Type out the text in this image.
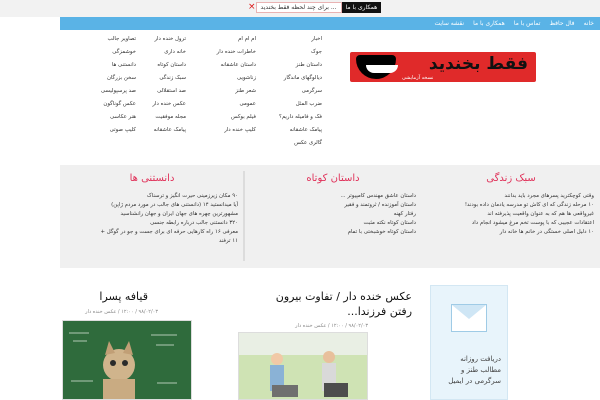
× برای چند لحظه فقط بخندید ...	همکاری با ما
خانه
فال حافظ
تماس با ما
همکاری با ما
نقشه سایت
فقط بخندید
نسخه آزمایشی
اخبار
جوک
داستان طنز
دیالوگهای ماندگار
سرگرمی
ضرب المثل
فک و فامیله داریم؟
پیامک عاشقانه
گالری عکس
ام ام ام
خاطرات خنده دار
داستان عاشقانه
زناشویی
شعر طنز
عمومی
فیلم بوکس
کلیپ خنده دار
ترول خنده دار
خانه داری
داستان کوتاه
سبک زندگی
صد استقلالی
عکس خنده دار
مجله موفقیت
پیامک عاشقانه
تصاویر جالب
خوشمزگی
دانستنی ها
سخن بزرگان
صد پرسپولیسی
عکس گوناگون
هنر عکاسی
کلیپ صوتی
سبک زندگی

وقتی کوچکترید پسرهای مجرد باید بدانند

۱۰ مرحله زندگی که ای کاش تو مدرسه یادمان داده بودند!

غیرواقعی ها هم که به عنوان واقعیت پذیرفته اند

اعتقادات عجیبی که با پوست تخم مرغ میشود انجام داد

۱۰ دلیل اصلی خستگی در خانم ها خانه دار

داستان کوتاه

داستان عاشق مهندس کامپیوتر ...

داستان آموزنده / ثروتمند و فقیر

رفتار کهنه

داستان کوتاه نکته مثبت

داستان کوتاه خوشبختی با تمام

دانستنی ها

۹۰ مکان زیرزمینی حیرت انگیز و ترسناک

آیا میدانستید ۱۴ (دانستنی های جالب در مورد مردم ژاپن)

مشهورترین چهره های جهان ایران و جهان رانشناسید

۳۲۰ دانستنی جالب درباره رابطه جنسی

معرفی ۱۶ راه کارهایی حرفه ای برای جست و جو در گوگل +

۱۱ ترفند

عکس خنده دار / تفاوت بیرون
رفتن فرزندا...
۹۸/۰۲/۰۳ / ۱۲:۰۰ / عکس خنده دار
قیافه پسرا
۹۸/۰۲/۰۳ / ۱۲:۰۰ / عکس خنده دار
دریافت روزانه
مطالب طنز و
سرگرمی در ایمیل
